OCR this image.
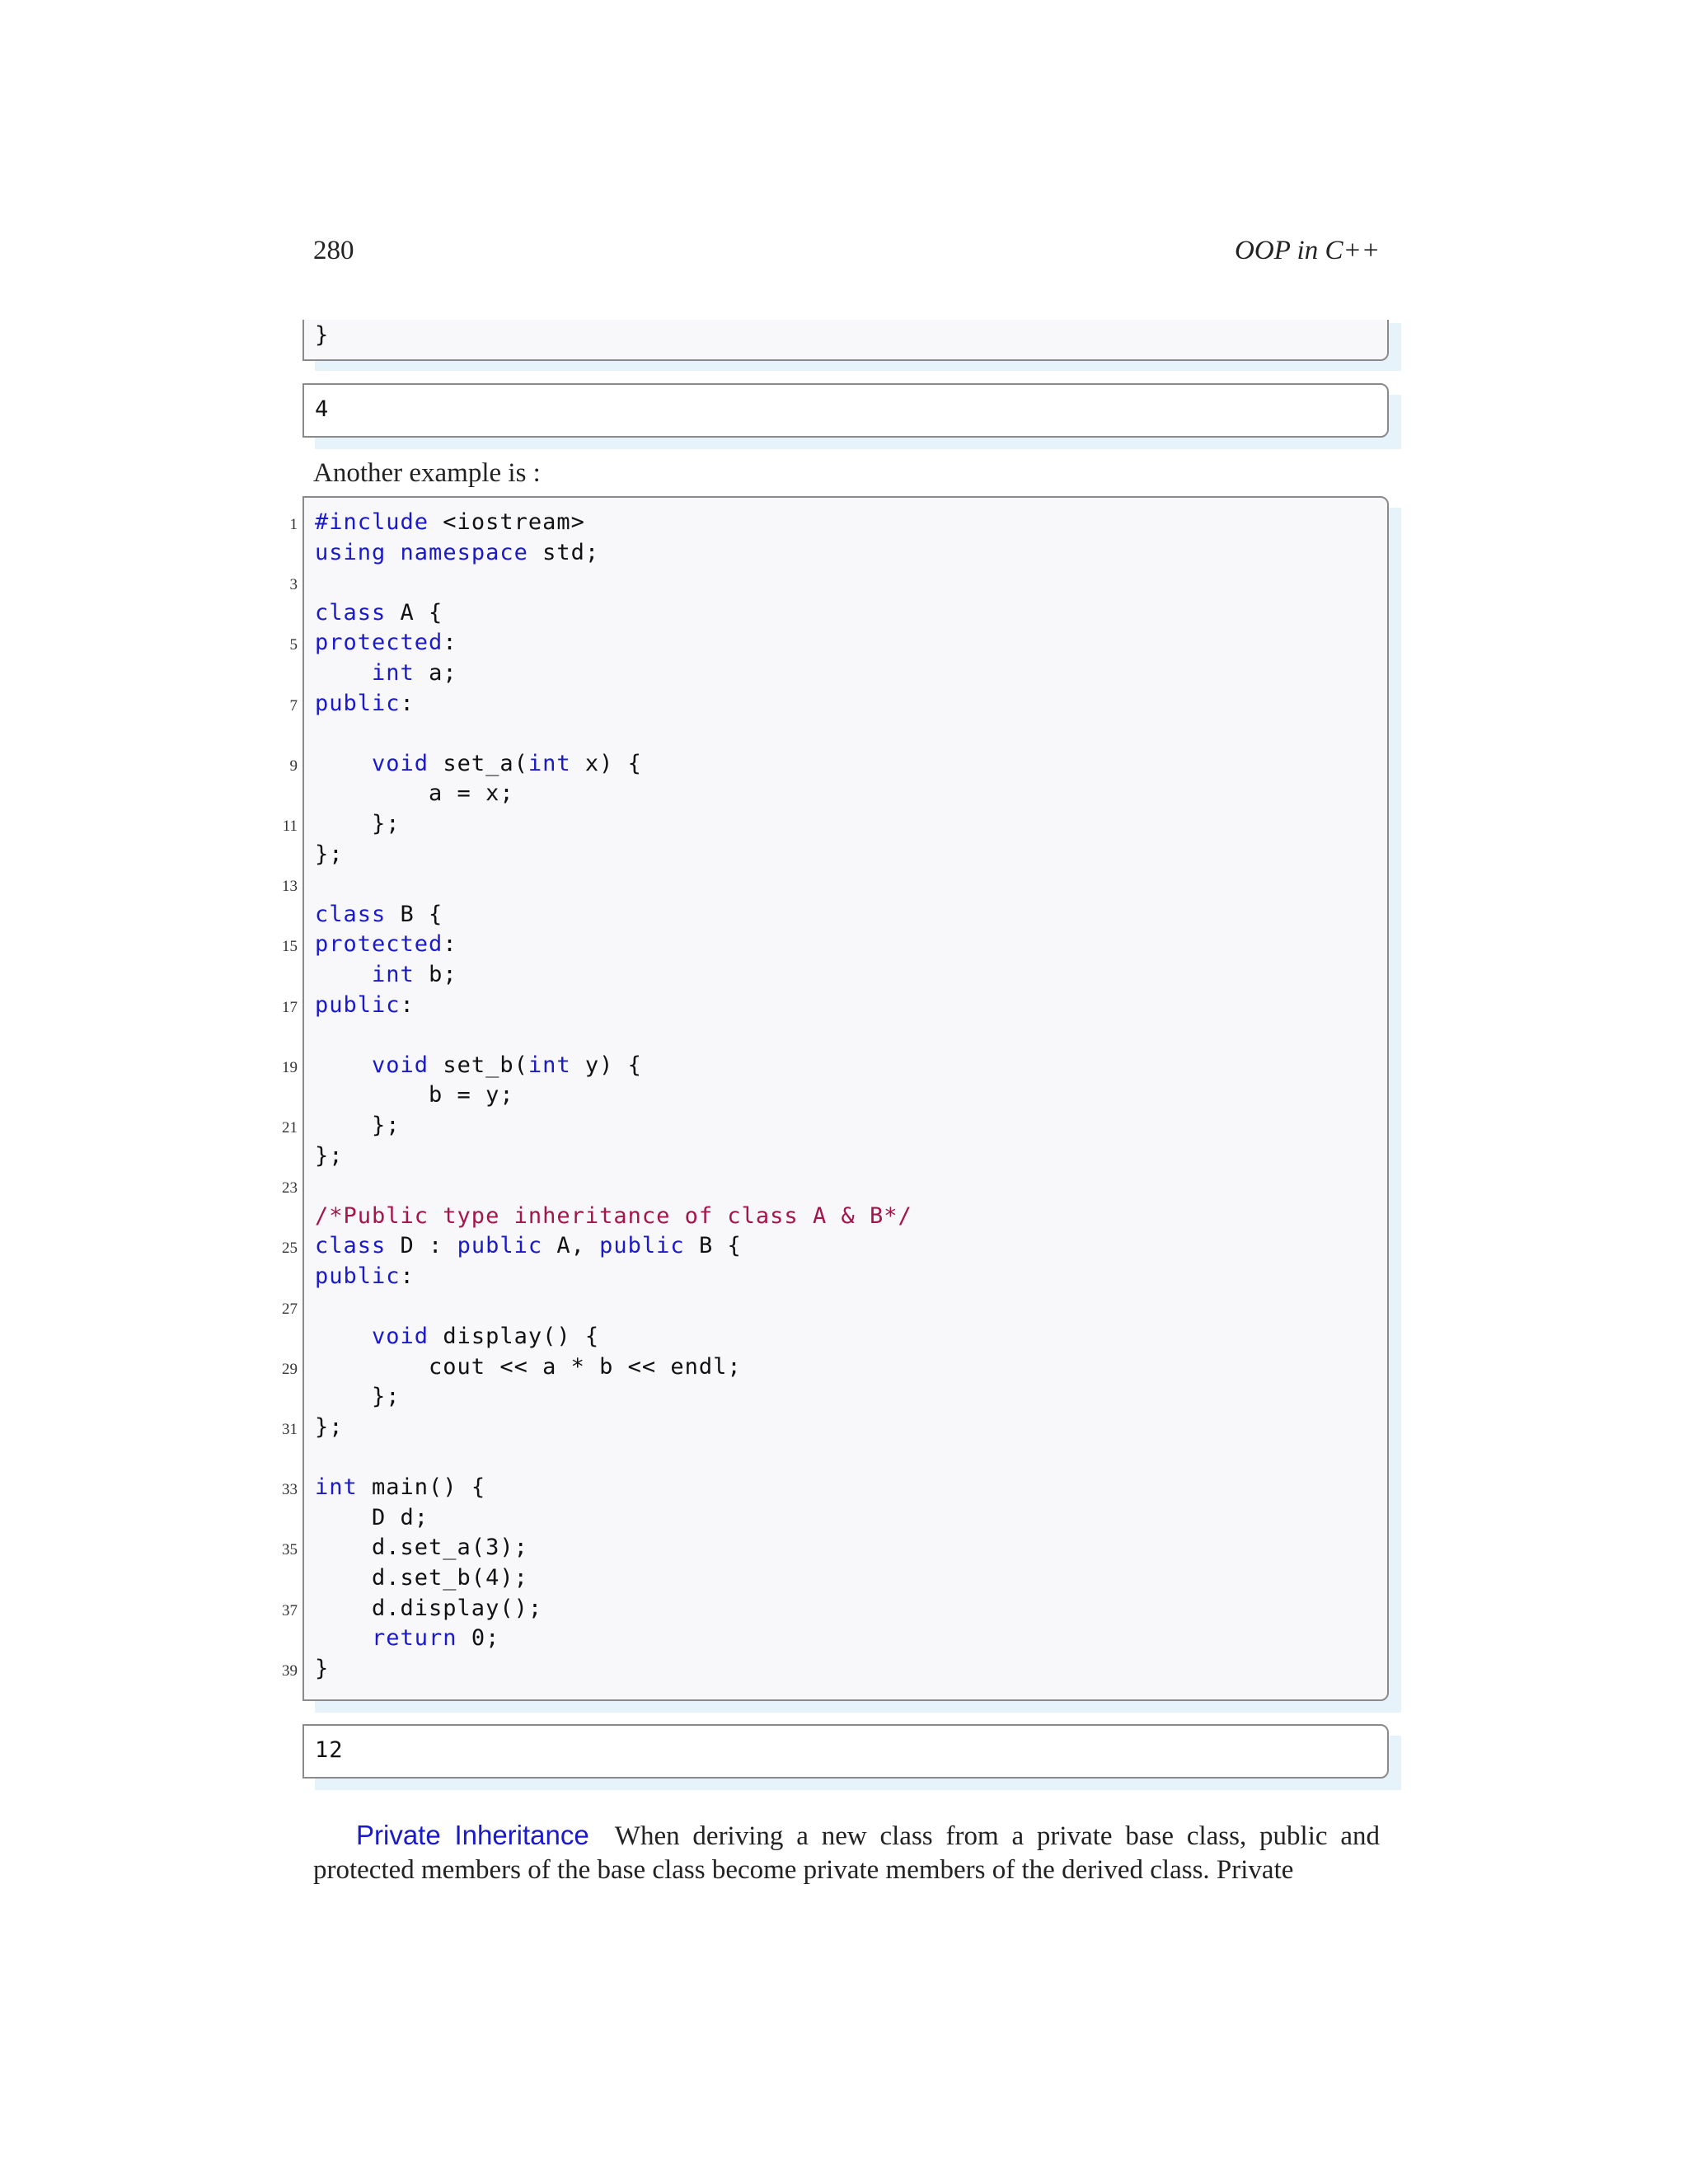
280	OOP in C++
}
4
Another example is :
#include <iostream>
using namespace std;
class A {
protected:
int a;
public:
void set_a(int x) {
a = x;
};
};
class B {
protected:
int b;
public:
void set_b(int y) {
b = y;
};
};
/*Public type inheritance of class A & B*/
class D : public A, public B {
public:
void display() {
cout << a * b << endl;
};
};
int main() {
D d;
d.set_a(3);
d.set_b(4);
d.display();
return 0;
}
1
3
5
7
9
11
13
15
17
19
21
23
25
27
29
31
33
35
37
39
12
Private Inheritance When deriving a new class from a private base class, public and
protected members of the base class become private members of the derived class. Private
